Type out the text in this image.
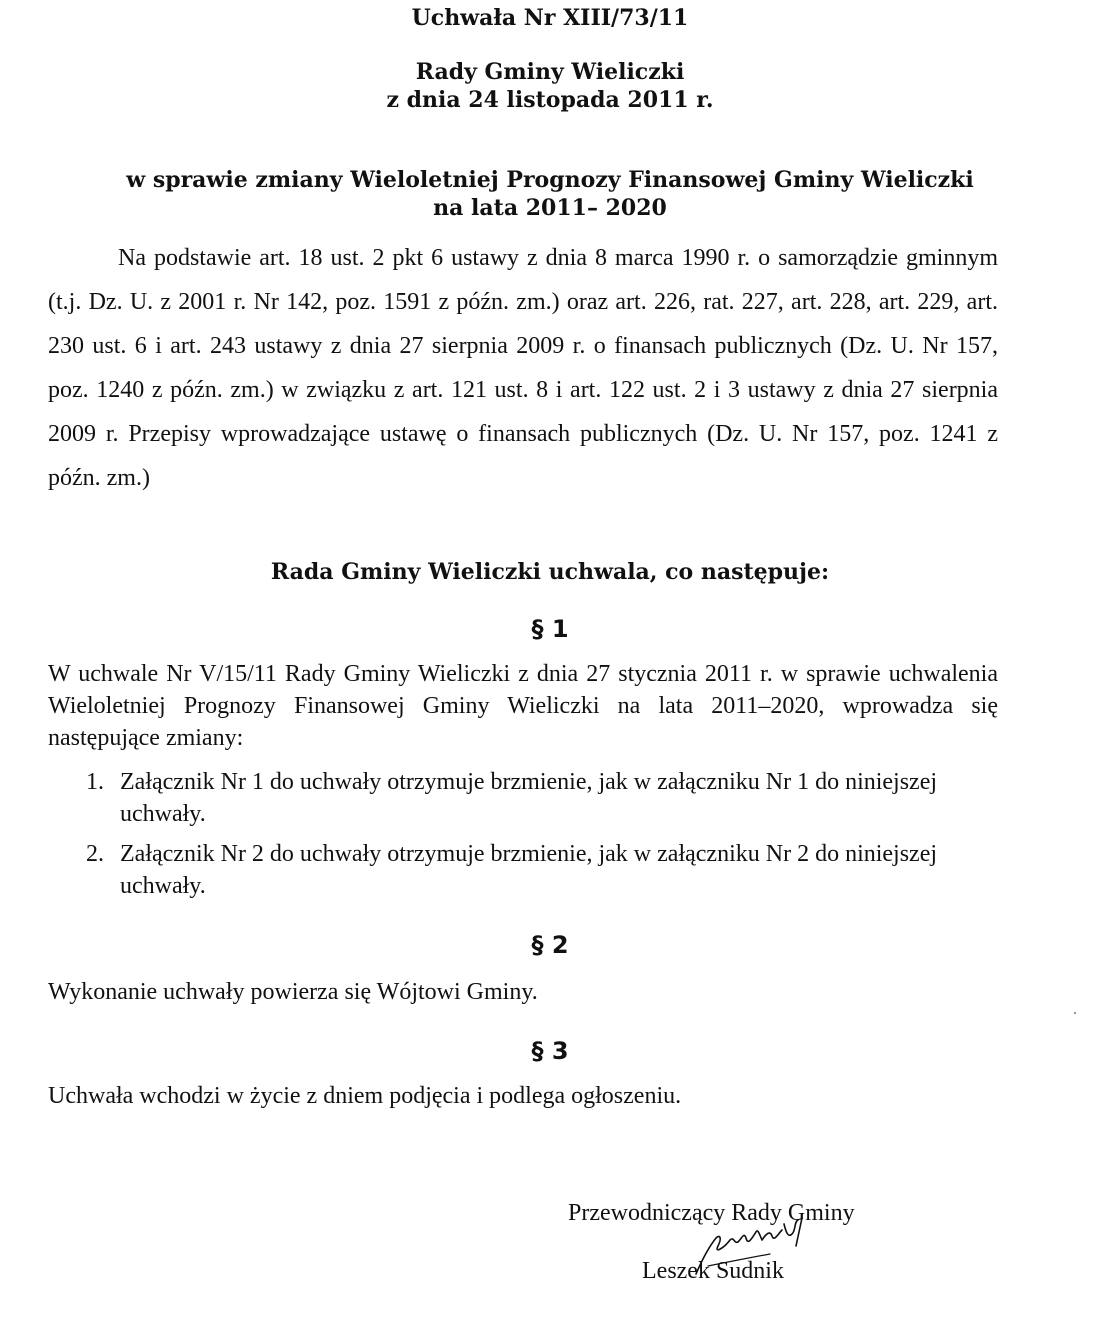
Uchwała Nr XIII/73/11
Rady Gminy Wieliczki
z dnia 24 listopada 2011 r.
w sprawie zmiany Wieloletniej Prognozy Finansowej Gminy Wieliczki
na lata 2011– 2020
Na podstawie art. 18 ust. 2 pkt 6 ustawy z dnia 8 marca 1990 r. o samorządzie gminnym (t.j. Dz. U. z 2001 r. Nr 142, poz. 1591 z późn. zm.) oraz art. 226, rat. 227, art. 228, art. 229, art. 230 ust. 6 i art. 243 ustawy z dnia 27 sierpnia 2009 r. o finansach publicznych (Dz. U. Nr 157, poz. 1240 z późn. zm.) w związku z art. 121 ust. 8 i art. 122 ust. 2 i 3 ustawy z dnia 27 sierpnia 2009 r. Przepisy wprowadzające ustawę o finansach publicznych (Dz. U. Nr 157, poz. 1241 z późn. zm.)
Rada Gminy Wieliczki uchwala, co następuje:
§ 1
W uchwale Nr V/15/11 Rady Gminy Wieliczki z dnia 27 stycznia 2011 r. w sprawie uchwalenia Wieloletniej Prognozy Finansowej Gminy Wieliczki na lata 2011–2020, wprowadza się następujące zmiany:
1. Załącznik Nr 1 do uchwały otrzymuje brzmienie, jak w załączniku Nr 1 do niniejszej uchwały.
2. Załącznik Nr 2 do uchwały otrzymuje brzmienie, jak w załączniku Nr 2 do niniejszej uchwały.
§ 2
Wykonanie uchwały powierza się Wójtowi Gminy.
§ 3
Uchwała wchodzi w życie z dniem podjęcia i podlega ogłoszeniu.
Przewodniczący Rady Gminy
Leszek Sudnik
